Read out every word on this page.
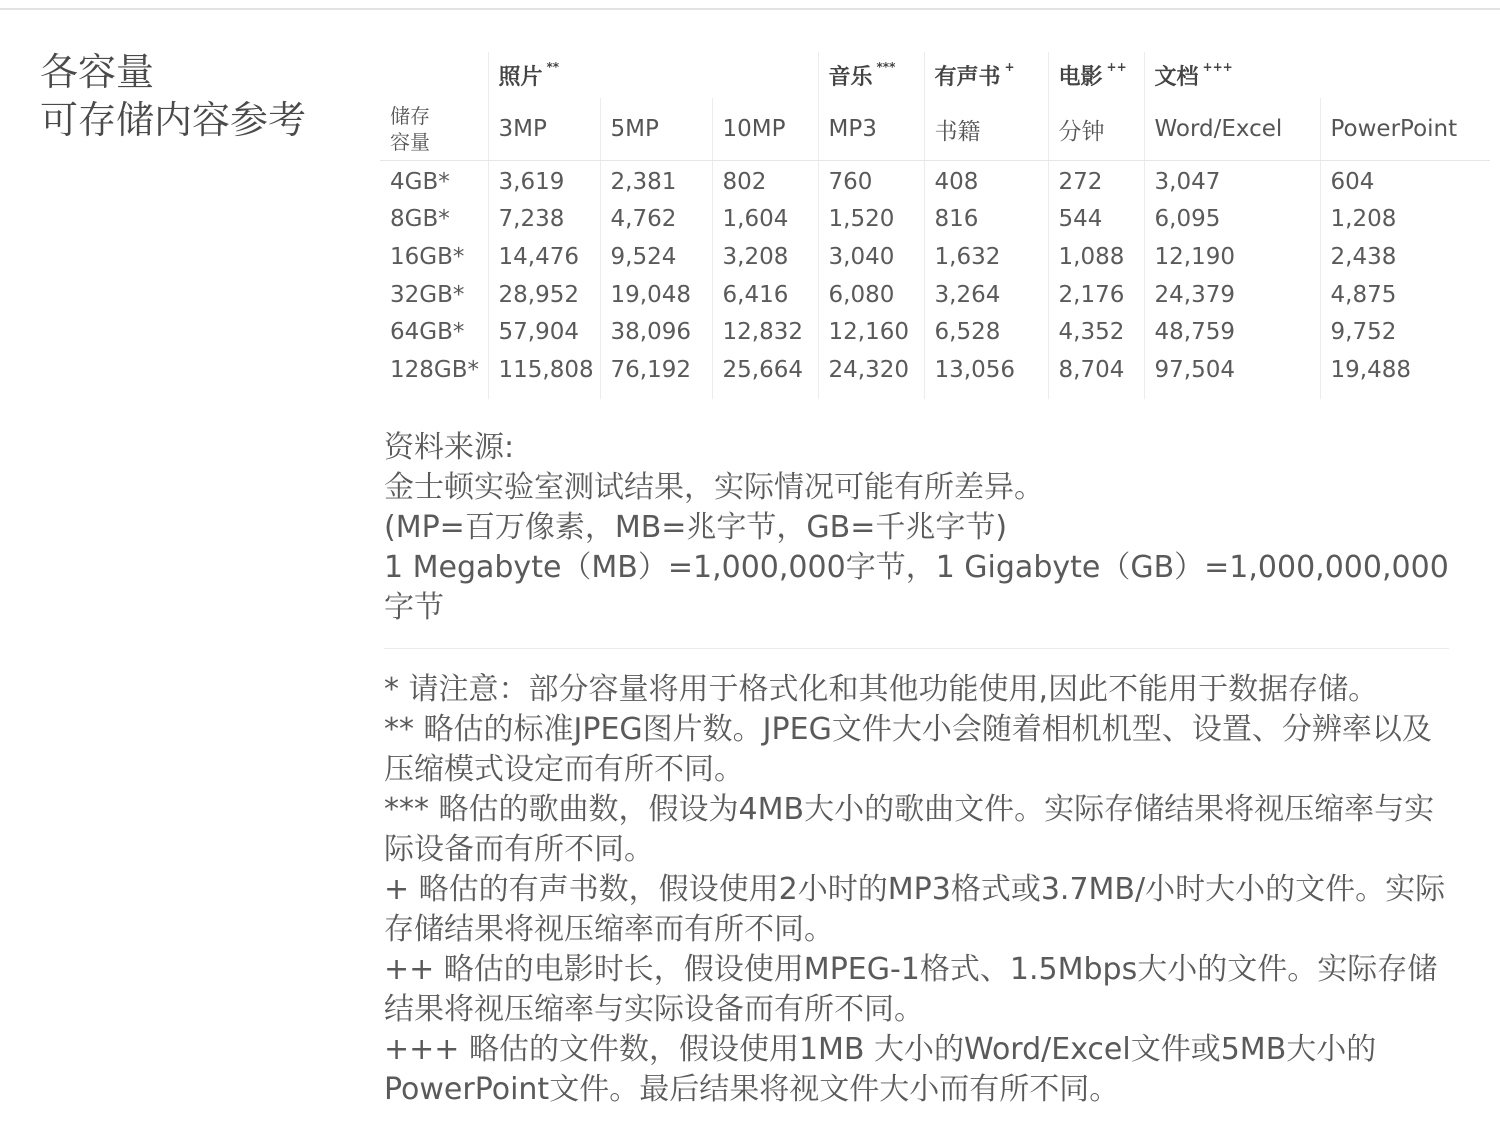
各容量
可存储内容参考
	照片 **			音乐 ***	有声书 +	电影 ++	文档 +++

储存
容量	3MP	5MP	10MP	MP3	书籍	分钟	Word/Excel	PowerPoint
4GB*	3,619	2,381	802	760	408	272	3,047	604
8GB*	7,238	4,762	1,604	1,520	816	544	6,095	1,208
16GB*	14,476	9,524	3,208	3,040	1,632	1,088	12,190	2,438
32GB*	28,952	19,048	6,416	6,080	3,264	2,176	24,379	4,875
64GB*	57,904	38,096	12,832	12,160	6,528	4,352	48,759	9,752
128GB*	115,808	76,192	25,664	24,320	13,056	8,704	97,504	19,488

资料来源:

金士顿实验室测试结果，实际情况可能有所差异。

(MP=百万像素，MB=兆字节，GB=千兆字节)

1 Megabyte（MB）=1,000,000字节，1 Gigabyte（GB）=1,000,000,000字节

* 请注意：部分容量将用于格式化和其他功能使用,因此不能用于数据存储。

** 略估的标准JPEG图片数。JPEG文件大小会随着相机机型、设置、分辨率以及压缩模式设定而有所不同。

*** 略估的歌曲数，假设为4MB大小的歌曲文件。实际存储结果将视压缩率与实际设备而有所不同。

+ 略估的有声书数，假设使用2小时的MP3格式或3.7MB/小时大小的文件。实际存储结果将视压缩率而有所不同。

++ 略估的电影时长，假设使用MPEG-1格式、1.5Mbps大小的文件。实际存储结果将视压缩率与实际设备而有所不同。

+++ 略估的文件数，假设使用1MB 大小的Word/Excel文件或5MB大小的PowerPoint文件。最后结果将视文件大小而有所不同。
